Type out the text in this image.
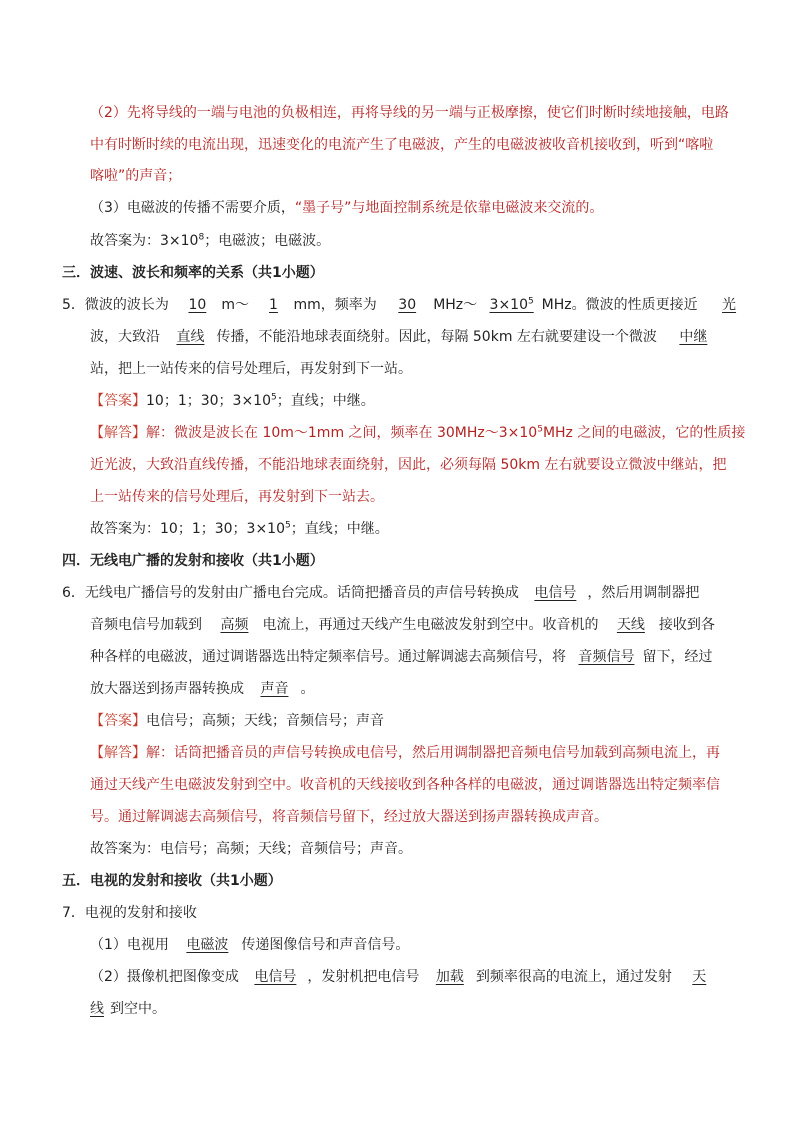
（2）先将导线的一端与电池的负极相连，再将导线的另一端与正极摩擦，使它们时断时续地接触，电路
中有时断时续的电流出现，迅速变化的电流产生了电磁波，产生的电磁波被收音机接收到，听到“喀啦
喀啦”的声音；
（3）电磁波的传播不需要介质，“墨子号”与地面控制系统是依靠电磁波来交流的。
故答案为：$3\times 10^8$；电磁波；电磁波。
三．波速、波长和频率的关系（共1小题）
5．微波的波长为 10 m～ 1 mm，频率为 30 MHz～ $3\times 10^5$ MHz。微波的性质更接近 光
波，大致沿 直线 传播，不能沿地球表面绕射。因此，每隔 50km 左右就要建设一个微波 中继
站，把上一站传来的信号处理后，再发射到下一站。
【答案】10；1；30；$3\times 10^5$；直线；中继。
【解答】解：微波是波长在 10m～1mm 之间，频率在 $30MHz\sim 3\times 10^5MHz$ 之间的电磁波，它的性质接
近光波，大致沿直线传播，不能沿地球表面绕射，因此，必须每隔 50km 左右就要设立微波中继站，把
上一站传来的信号处理后，再发射到下一站去。
故答案为：10；1；30；$3\times 10^5$；直线；中继。
四．无线电广播的发射和接收（共1小题）
6．无线电广播信号的发射由广播电台完成。话筒把播音员的声信号转换成 电信号 ，然后用调制器把
音频电信号加载到 高频 电流上，再通过天线产生电磁波发射到空中。收音机的 天线 接收到各
种各样的电磁波，通过调谐器选出特定频率信号。通过解调滤去高频信号，将 音频信号 留下，经过
放大器送到扬声器转换成 声音 。
【答案】电信号；高频；天线；音频信号；声音
【解答】解：话筒把播音员的声信号转换成电信号，然后用调制器把音频电信号加载到高频电流上，再
通过天线产生电磁波发射到空中。收音机的天线接收到各种各样的电磁波，通过调谐器选出特定频率信
号。通过解调滤去高频信号，将音频信号留下，经过放大器送到扬声器转换成声音。
故答案为：电信号；高频；天线；音频信号；声音。
五．电视的发射和接收（共1小题）
7．电视的发射和接收
（1）电视用 电磁波 传递图像信号和声音信号。
（2）摄像机把图像变成 电信号 ，发射机把电信号 加载 到频率很高的电流上，通过发射 天
线 到空中。
